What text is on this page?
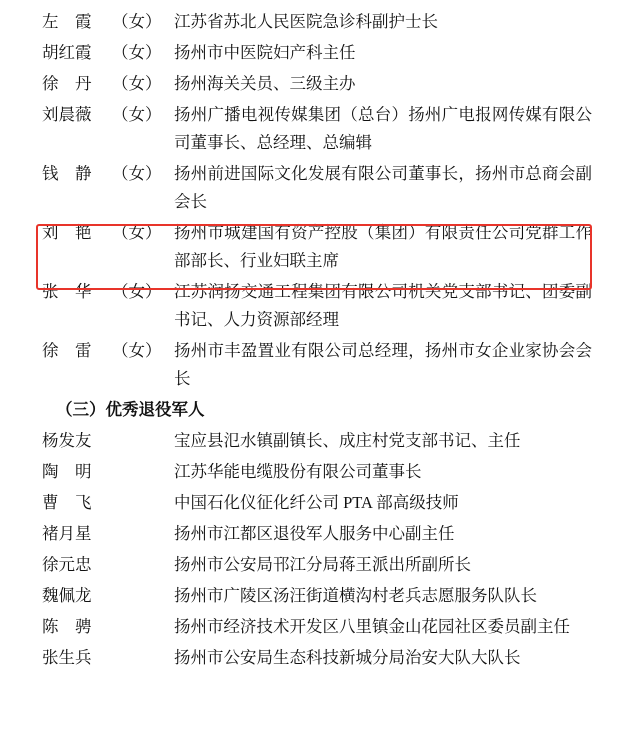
左　霞 （女） 江苏省苏北人民医院急诊科副护士长
胡红霞 （女） 扬州市中医院妇产科主任
徐　丹 （女） 扬州海关关员、三级主办
刘晨薇 （女） 扬州广播电视传媒集团（总台）扬州广电报网传媒有限公司董事长、总经理、总编辑
钱　静 （女） 扬州前进国际文化发展有限公司董事长，扬州市总商会副会长
刘　艳 （女） 扬州市城建国有资产控股（集团）有限责任公司党群工作部部长、行业妇联主席
张　华 （女） 江苏润扬交通工程集团有限公司机关党支部书记、团委副书记、人力资源部经理
徐　雷 （女） 扬州市丰盈置业有限公司总经理，扬州市女企业家协会会长
（三）优秀退役军人
杨发友	宝应县氾水镇副镇长、成庄村党支部书记、主任
陶　明	江苏华能电缆股份有限公司董事长
曹　飞	中国石化仪征化纤公司 PTA 部高级技师
褚月星	扬州市江都区退役军人服务中心副主任
徐元忠	扬州市公安局邗江分局蒋王派出所副所长
魏佩龙	扬州市广陵区汤汪街道横沟村老兵志愿服务队队长
陈　骋	扬州市经济技术开发区八里镇金山花园社区委员副主任
张生兵	扬州市公安局生态科技新城分局治安大队大队长
